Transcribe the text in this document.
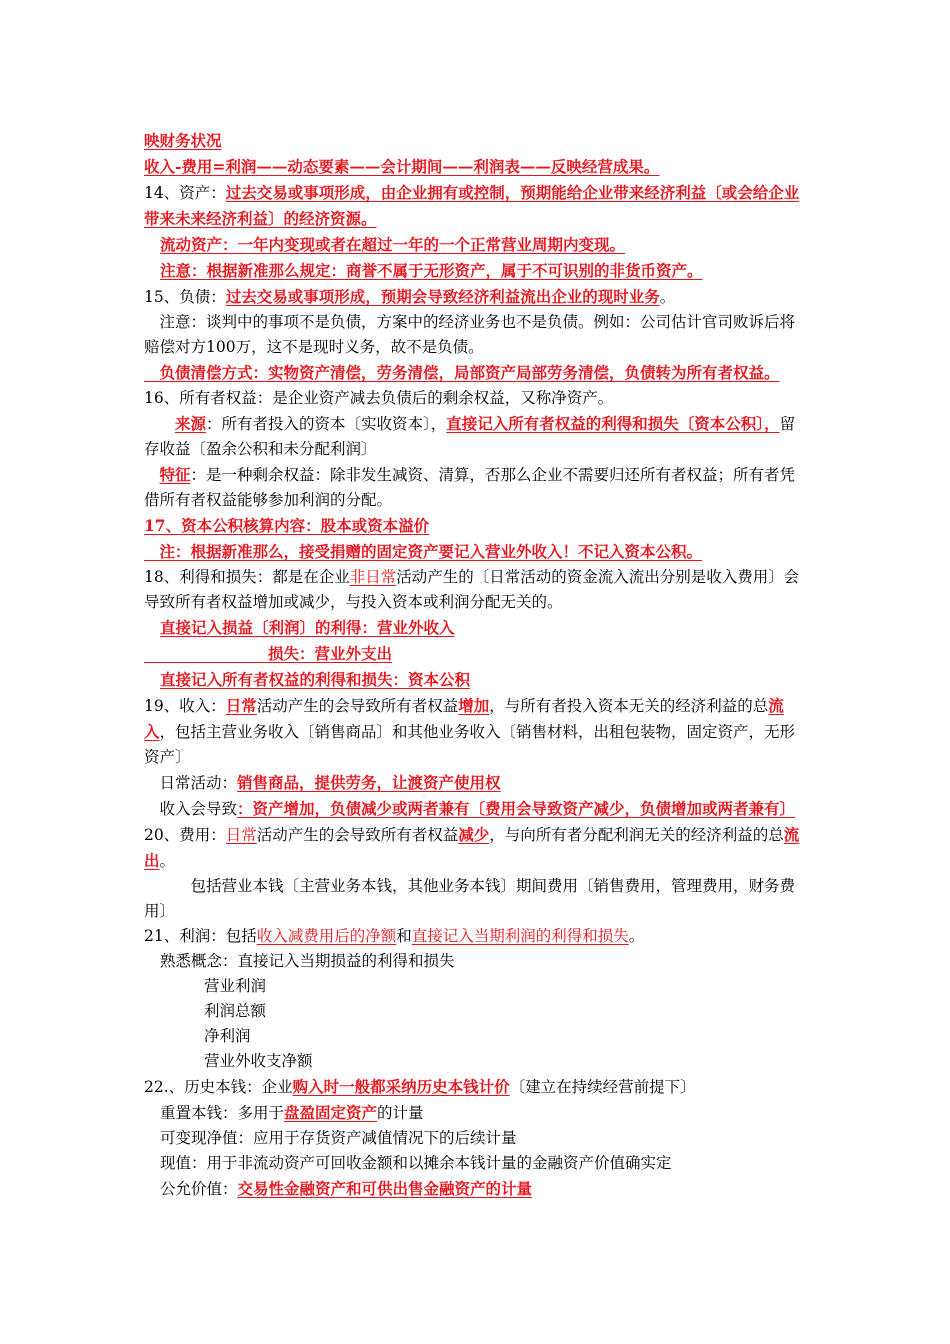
映财务状况
收入-费用=利润——动态要素——会计期间——利润表——反映经营成果。
14、资产：过去交易或事项形成，由企业拥有或控制，预期能给企业带来经济利益〔或会给企业带来未来经济利益〕的经济资源。
流动资产：一年内变现或者在超过一年的一个正常营业周期内变现。
注意：根据新准那么规定：商誉不属于无形资产，属于不可识别的非货币资产。
15、负债：过去交易或事项形成，预期会导致经济利益流出企业的现时业务。
　注意：谈判中的事项不是负债，方案中的经济业务也不是负债。例如：公司估计官司败诉后将赔偿对方100万，这不是现时义务，故不是负债。
　负债清偿方式：实物资产清偿，劳务清偿，局部资产局部劳务清偿，负债转为所有者权益。
16、所有者权益：是企业资产减去负债后的剩余权益，又称净资产。
　　来源：所有者投入的资本〔实收资本〕，直接记入所有者权益的利得和损失〔资本公积〕，留存收益〔盈余公积和未分配利润〕
　特征：是一种剩余权益：除非发生减资、清算，否那么企业不需要归还所有者权益；所有者凭借所有者权益能够参加利润的分配。
17、资本公积核算内容：股本或资本溢价
　注：根据新准那么，接受捐赠的固定资产要记入营业外收入！不记入资本公积。
18、利得和损失：都是在企业非日常活动产生的〔日常活动的资金流入流出分别是收入费用〕会导致所有者权益增加或减少，与投入资本或利润分配无关的。
直接记入损益〔利润〕的利得：营业外收入
　　　　　　　　损失：营业外支出
直接记入所有者权益的利得和损失：资本公积
19、收入：日常活动产生的会导致所有者权益增加，与所有者投入资本无关的经济利益的总流入，包括主营业务收入〔销售商品〕和其他业务收入〔销售材料，出租包装物，固定资产，无形资产〕
　日常活动：销售商品，提供劳务，让渡资产使用权
　收入会导致：资产增加，负债减少或两者兼有〔费用会导致资产减少，负债增加或两者兼有〕
20、费用：日常活动产生的会导致所有者权益减少，与向所有者分配利润无关的经济利益的总流出。
　　　包括营业本钱〔主营业务本钱，其他业务本钱〕期间费用〔销售费用，管理费用，财务费用〕
21、利润：包括收入减费用后的净额和直接记入当期利润的利得和损失。
熟悉概念：直接记入当期损益的利得和损失
营业利润
利润总额
净利润
营业外收支净额
22.、历史本钱：企业购入时一般都采纳历史本钱计价〔建立在持续经营前提下〕
重置本钱：多用于盘盈固定资产的计量
可变现净值：应用于存货资产减值情况下的后续计量
现值：用于非流动资产可回收金额和以摊余本钱计量的金融资产价值确实定
公允价值：交易性金融资产和可供出售金融资产的计量
